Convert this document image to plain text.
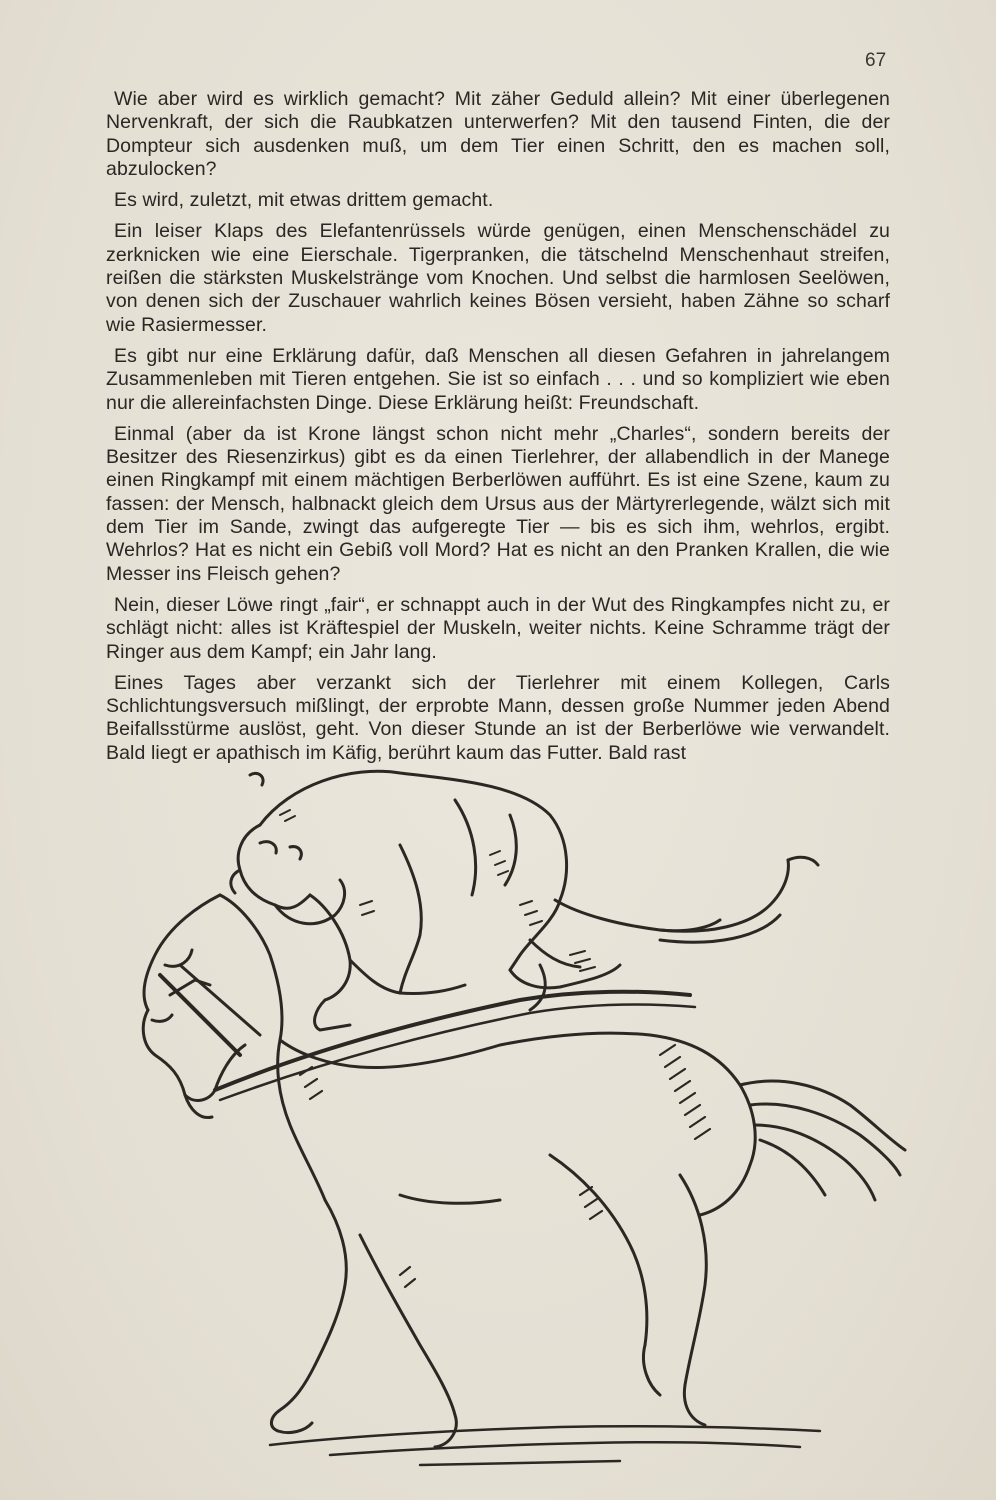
67

Wie aber wird es wirklich gemacht? Mit zäher Geduld allein? Mit einer überlegenen Nervenkraft, der sich die Raubkatzen unterwerfen? Mit den tausend Finten, die der Dompteur sich ausdenken muß, um dem Tier einen Schritt, den es machen soll, abzulocken?

Es wird, zuletzt, mit etwas drittem gemacht.

Ein leiser Klaps des Elefantenrüssels würde genügen, einen Menschenschädel zu zerknicken wie eine Eierschale. Tigerpranken, die tätschelnd Menschenhaut streifen, reißen die stärksten Muskelstränge vom Knochen. Und selbst die harmlosen Seelöwen, von denen sich der Zuschauer wahrlich keines Bösen versieht, haben Zähne so scharf wie Rasiermesser.

Es gibt nur eine Erklärung dafür, daß Menschen all diesen Gefahren in jahrelangem Zusammenleben mit Tieren entgehen. Sie ist so einfach . . . und so kompliziert wie eben nur die allereinfachsten Dinge. Diese Erklärung heißt: Freundschaft.

Einmal (aber da ist Krone längst schon nicht mehr „Charles“, sondern bereits der Besitzer des Riesenzirkus) gibt es da einen Tierlehrer, der allabendlich in der Manege einen Ringkampf mit einem mächtigen Berberlöwen aufführt. Es ist eine Szene, kaum zu fassen: der Mensch, halbnackt gleich dem Ursus aus der Märtyrerlegende, wälzt sich mit dem Tier im Sande, zwingt das aufgeregte Tier — bis es sich ihm, wehrlos, ergibt. Wehrlos? Hat es nicht ein Gebiß voll Mord? Hat es nicht an den Pranken Krallen, die wie Messer ins Fleisch gehen?

Nein, dieser Löwe ringt „fair“, er schnappt auch in der Wut des Ringkampfes nicht zu, er schlägt nicht: alles ist Kräftespiel der Muskeln, weiter nichts. Keine Schramme trägt der Ringer aus dem Kampf; ein Jahr lang.

Eines Tages aber verzankt sich der Tierlehrer mit einem Kollegen, Carls Schlichtungsversuch mißlingt, der erprobte Mann, dessen große Nummer jeden Abend Beifallsstürme auslöst, geht. Von dieser Stunde an ist der Berberlöwe wie verwandelt. Bald liegt er apathisch im Käfig, berührt kaum das Futter. Bald rast
